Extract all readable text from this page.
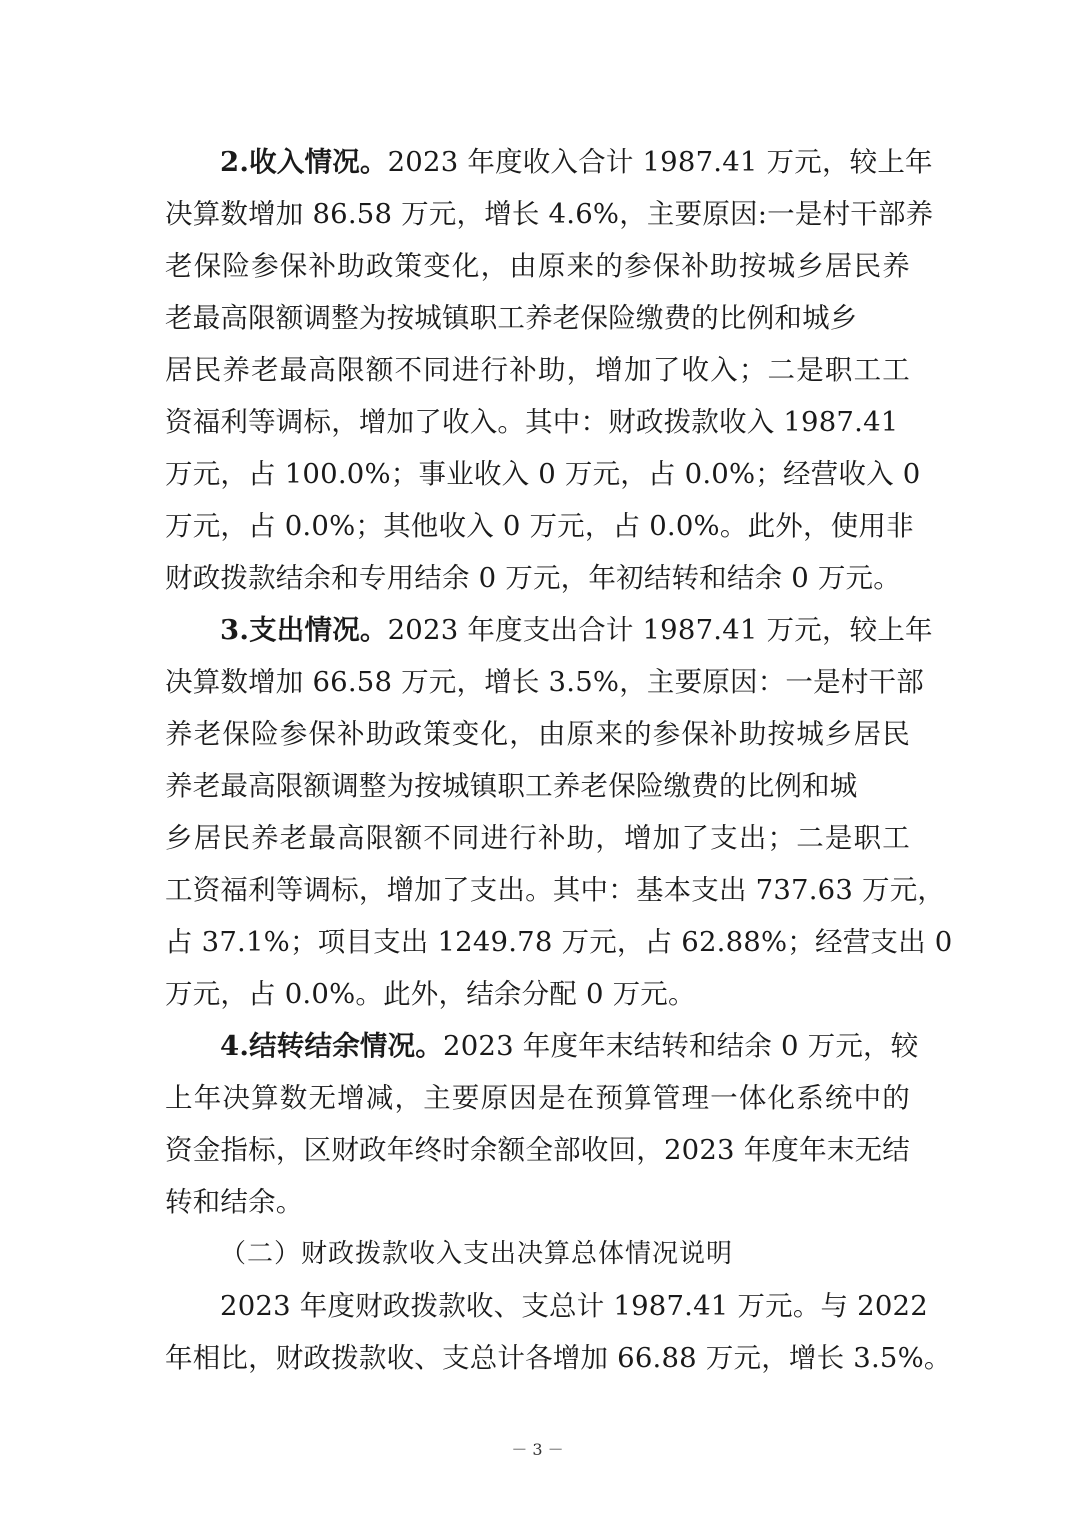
2.收入情况。2023 年度收入合计 1987.41 万元，较上年
决算数增加 86.58 万元，增长 4.6%，主要原因:一是村干部养
老保险参保补助政策变化，由原来的参保补助按城乡居民养
老最高限额调整为按城镇职工养老保险缴费的比例和城乡
居民养老最高限额不同进行补助，增加了收入；二是职工工
资福利等调标，增加了收入。其中：财政拨款收入 1987.41
万元，占 100.0%；事业收入 0 万元，占 0.0%；经营收入 0
万元，占 0.0%；其他收入 0 万元，占 0.0%。此外，使用非
财政拨款结余和专用结余 0 万元，年初结转和结余 0 万元。
3.支出情况。2023 年度支出合计 1987.41 万元，较上年
决算数增加 66.58 万元，增长 3.5%，主要原因：一是村干部
养老保险参保补助政策变化，由原来的参保补助按城乡居民
养老最高限额调整为按城镇职工养老保险缴费的比例和城
乡居民养老最高限额不同进行补助，增加了支出；二是职工
工资福利等调标，增加了支出。其中：基本支出 737.63 万元，
占 37.1%；项目支出 1249.78 万元，占 62.88%；经营支出 0
万元，占 0.0%。此外，结余分配 0 万元。
4.结转结余情况。2023 年度年末结转和结余 0 万元，较
上年决算数无增减，主要原因是在预算管理一体化系统中的
资金指标，区财政年终时余额全部收回，2023 年度年末无结
转和结余。
（二）财政拨款收入支出决算总体情况说明
2023 年度财政拨款收、支总计 1987.41 万元。与 2022
年相比，财政拨款收、支总计各增加 66.88 万元，增长 3.5%。
－ 3 －
